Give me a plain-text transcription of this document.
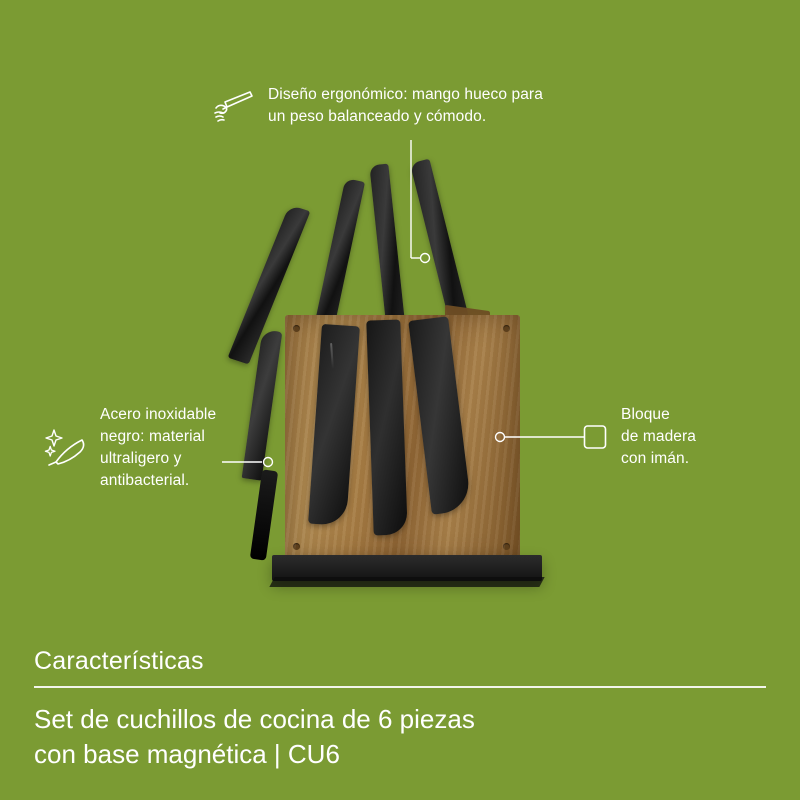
Diseño ergonómico: mango hueco para
un peso balanceado y cómodo.
Acero inoxidable
negro: material
ultraligero y
antibacterial.
Bloque
de madera
con imán.
Características
Set de cuchillos de cocina de 6 piezas
con base magnética | CU6
